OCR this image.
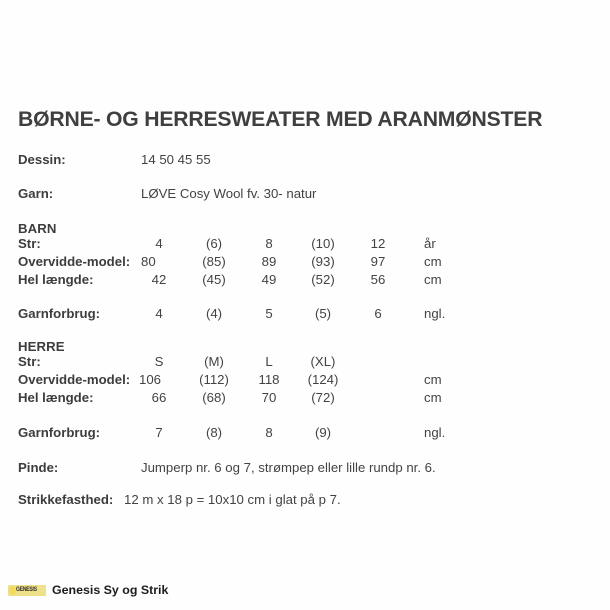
BØRNE- OG HERRESWEATER MED ARANMØNSTER
Dessin:	14 50 45 55
Garn:	LØVE Cosy Wool fv. 30- natur
BARN
Str:	4	(6)	8	(10)	12	år
Overvidde-model: 80	(85)	89	(93)	97	cm
Hel længde:	42	(45)	49	(52)	56	cm
Garnforbrug:	4	(4)	5	(5)	6	ngl.
HERRE
Str:	S	(M)	L	(XL)
Overvidde-model: 106	(112)	118	(124)	cm
Hel længde:	66	(68)	70	(72)	cm
Garnforbrug:	7	(8)	8	(9)	ngl.
Pinde:	Jumperp nr. 6 og 7, strømpep eller lille rundp nr. 6.
Strikkefasthed: 12 m x 18 p = 10x10 cm i glat på p 7.
GENESIS Genesis Sy og Strik
